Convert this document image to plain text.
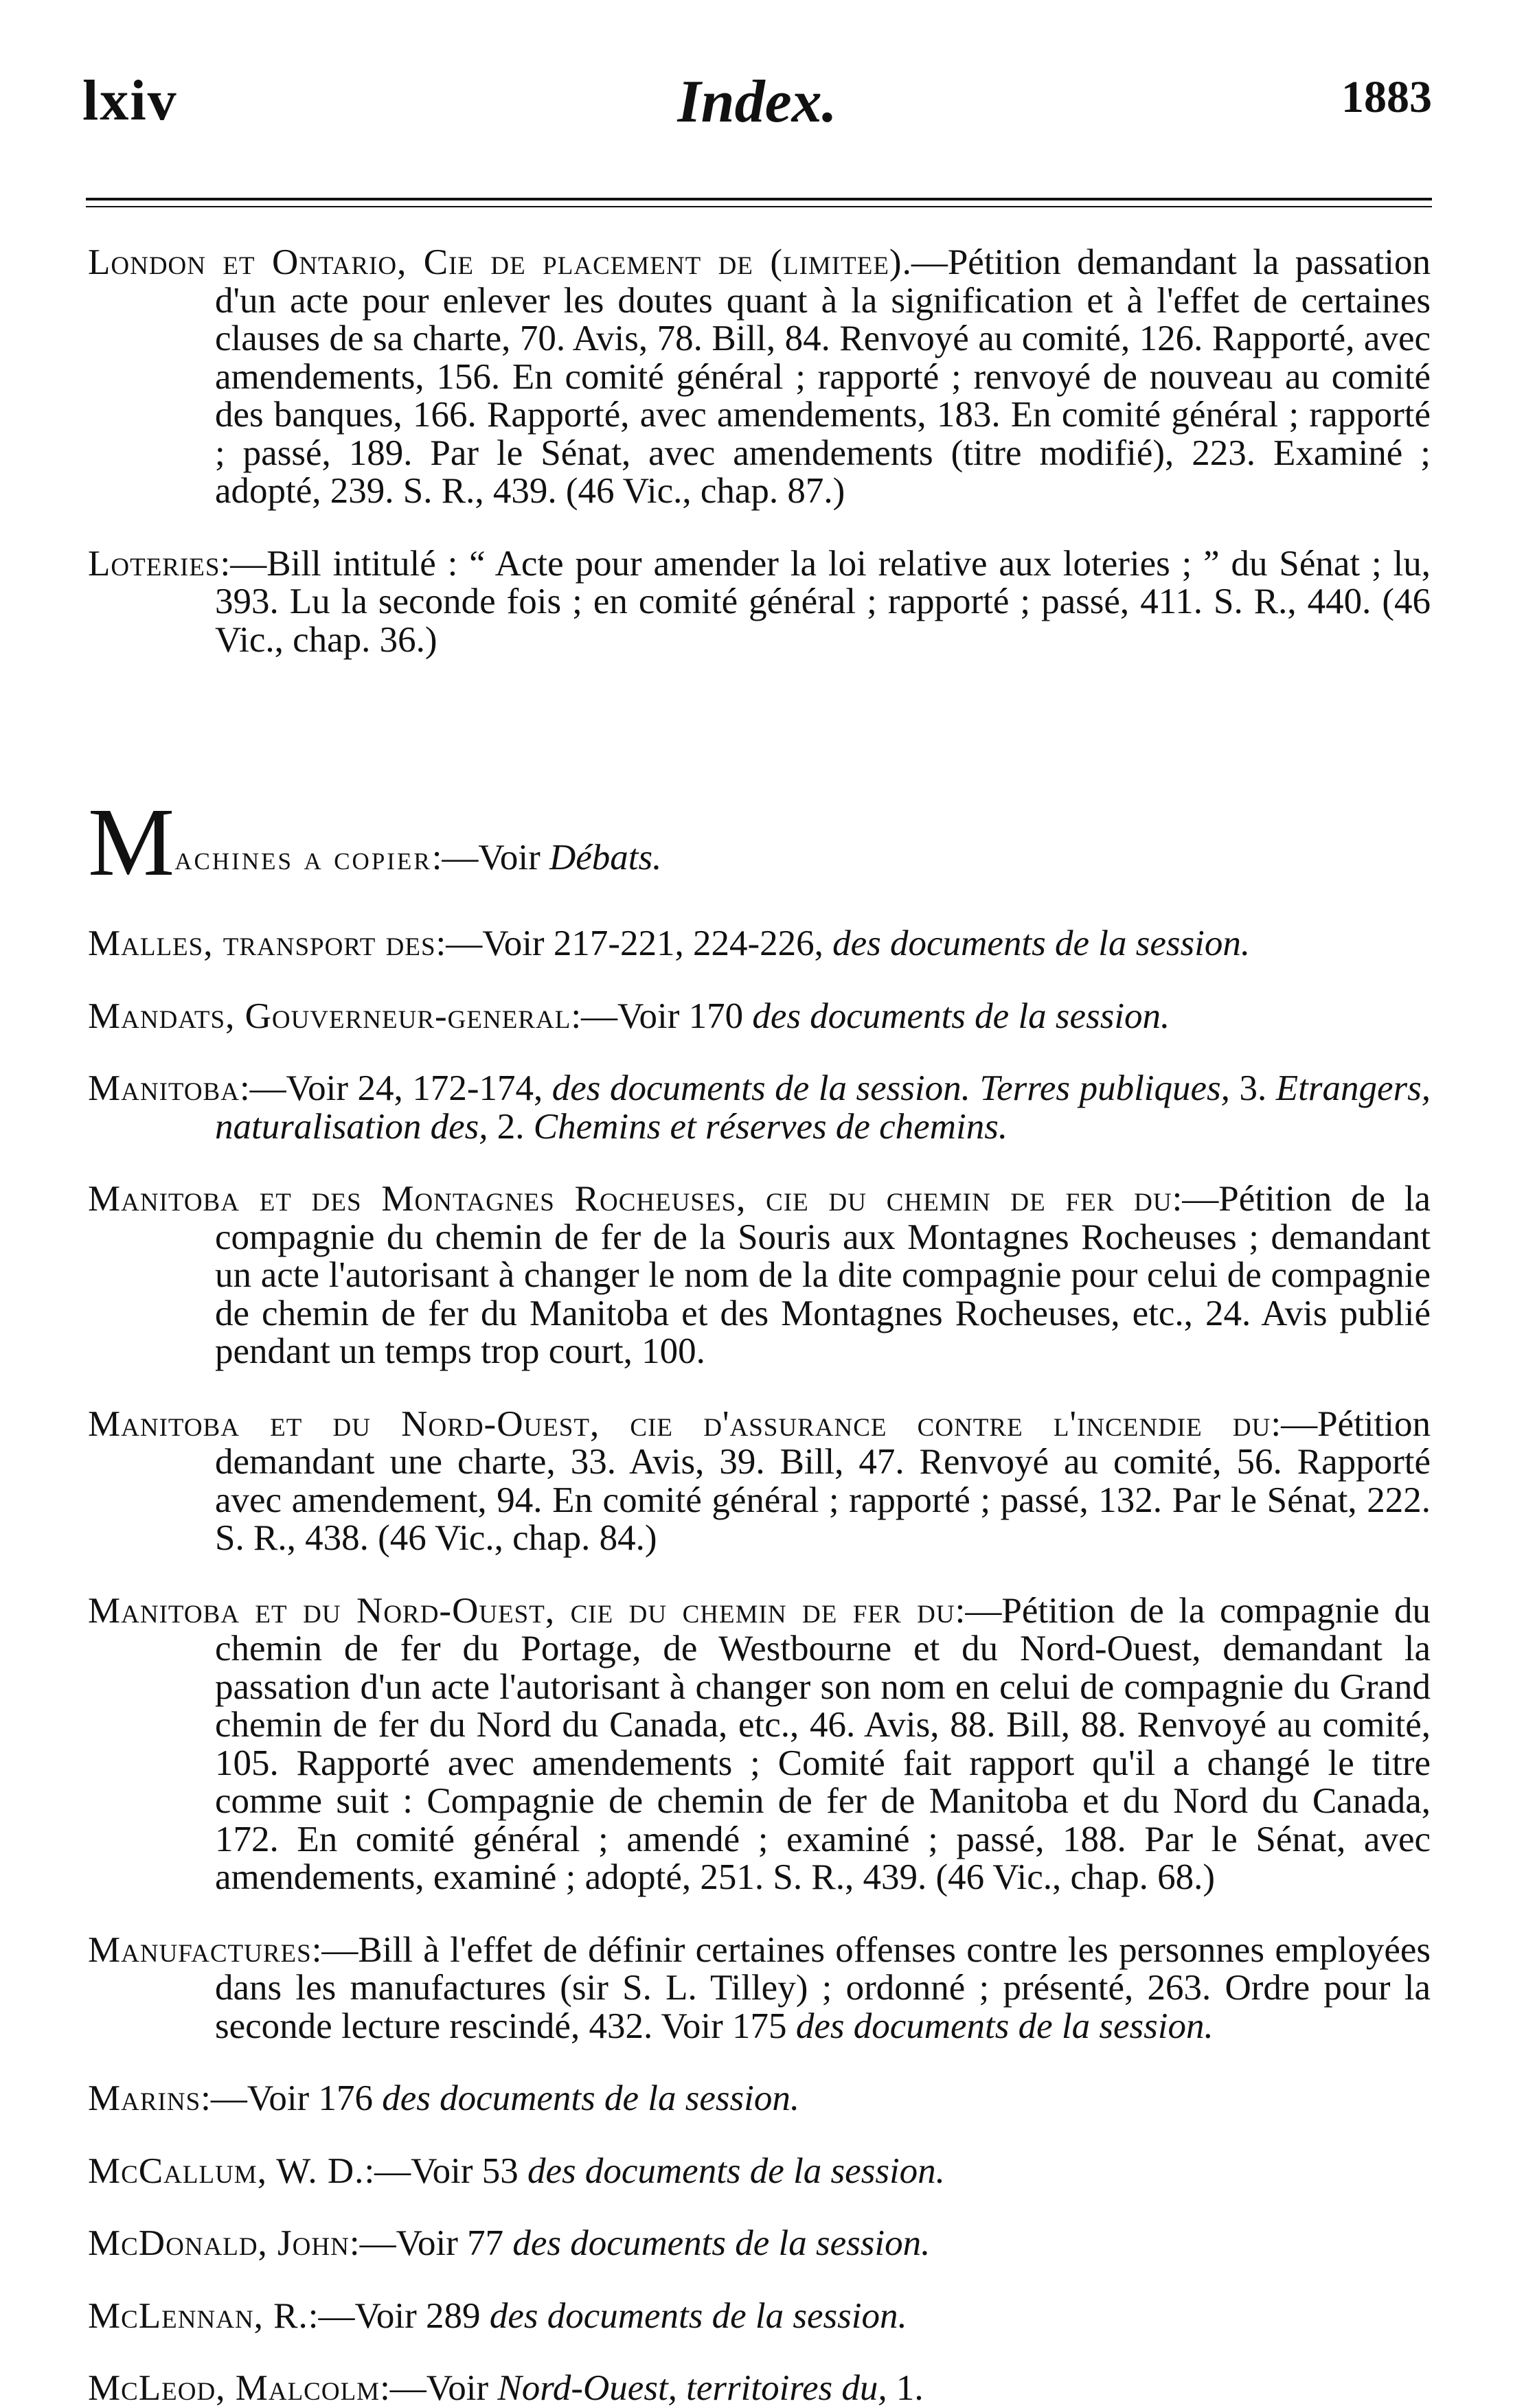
lxiv	Index.	1883

London et Ontario, Cie de placement de (limitee).—Pétition demandant la passation d'un acte pour enlever les doutes quant à la signification et à l'effet de certaines clauses de sa charte, 70. Avis, 78. Bill, 84. Renvoyé au comité, 126. Rapporté, avec amendements, 156. En comité général ; rapporté ; renvoyé de nouveau au comité des banques, 166. Rapporté, avec amendements, 183. En comité général ; rapporté ; passé, 189. Par le Sénat, avec amendements (titre modifié), 223. Examiné ; adopté, 239. S. R., 439. (46 Vic., chap. 87.)

Loteries:—Bill intitulé : “ Acte pour amender la loi relative aux loteries ; ” du Sénat ; lu, 393. Lu la seconde fois ; en comité général ; rapporté ; passé, 411. S. R., 440. (46 Vic., chap. 36.)

Machines a copier:—Voir Débats.

Malles, transport des:—Voir 217-221, 224-226, des documents de la session.

Mandats, Gouverneur-general:—Voir 170 des documents de la session.

Manitoba:—Voir 24, 172-174, des documents de la session. Terres publiques, 3. Etrangers, naturalisation des, 2. Chemins et réserves de chemins.

Manitoba et des Montagnes Rocheuses, cie du chemin de fer du:—Pétition de la compagnie du chemin de fer de la Souris aux Montagnes Rocheuses ; demandant un acte l'autorisant à changer le nom de la dite compagnie pour celui de compagnie de chemin de fer du Manitoba et des Montagnes Rocheuses, etc., 24. Avis publié pendant un temps trop court, 100.

Manitoba et du Nord-Ouest, cie d'assurance contre l'incendie du:—Pétition demandant une charte, 33. Avis, 39. Bill, 47. Renvoyé au comité, 56. Rapporté avec amendement, 94. En comité général ; rapporté ; passé, 132. Par le Sénat, 222. S. R., 438. (46 Vic., chap. 84.)

Manitoba et du Nord-Ouest, cie du chemin de fer du:—Pétition de la compagnie du chemin de fer du Portage, de Westbourne et du Nord-Ouest, demandant la passation d'un acte l'autorisant à changer son nom en celui de compagnie du Grand chemin de fer du Nord du Canada, etc., 46. Avis, 88. Bill, 88. Renvoyé au comité, 105. Rapporté avec amendements ; Comité fait rapport qu'il a changé le titre comme suit : Compagnie de chemin de fer de Manitoba et du Nord du Canada, 172. En comité général ; amendé ; examiné ; passé, 188. Par le Sénat, avec amendements, examiné ; adopté, 251. S. R., 439. (46 Vic., chap. 68.)

Manufactures:—Bill à l'effet de définir certaines offenses contre les personnes employées dans les manufactures (sir S. L. Tilley) ; ordonné ; présenté, 263. Ordre pour la seconde lecture rescindé, 432. Voir 175 des documents de la session.

Marins:—Voir 176 des documents de la session.

McCallum, W. D.:—Voir 53 des documents de la session.

McDonald, John:—Voir 77 des documents de la session.

McLennan, R.:—Voir 289 des documents de la session.

McLeod, Malcolm:—Voir Nord-Ouest, territoires du, 1.
